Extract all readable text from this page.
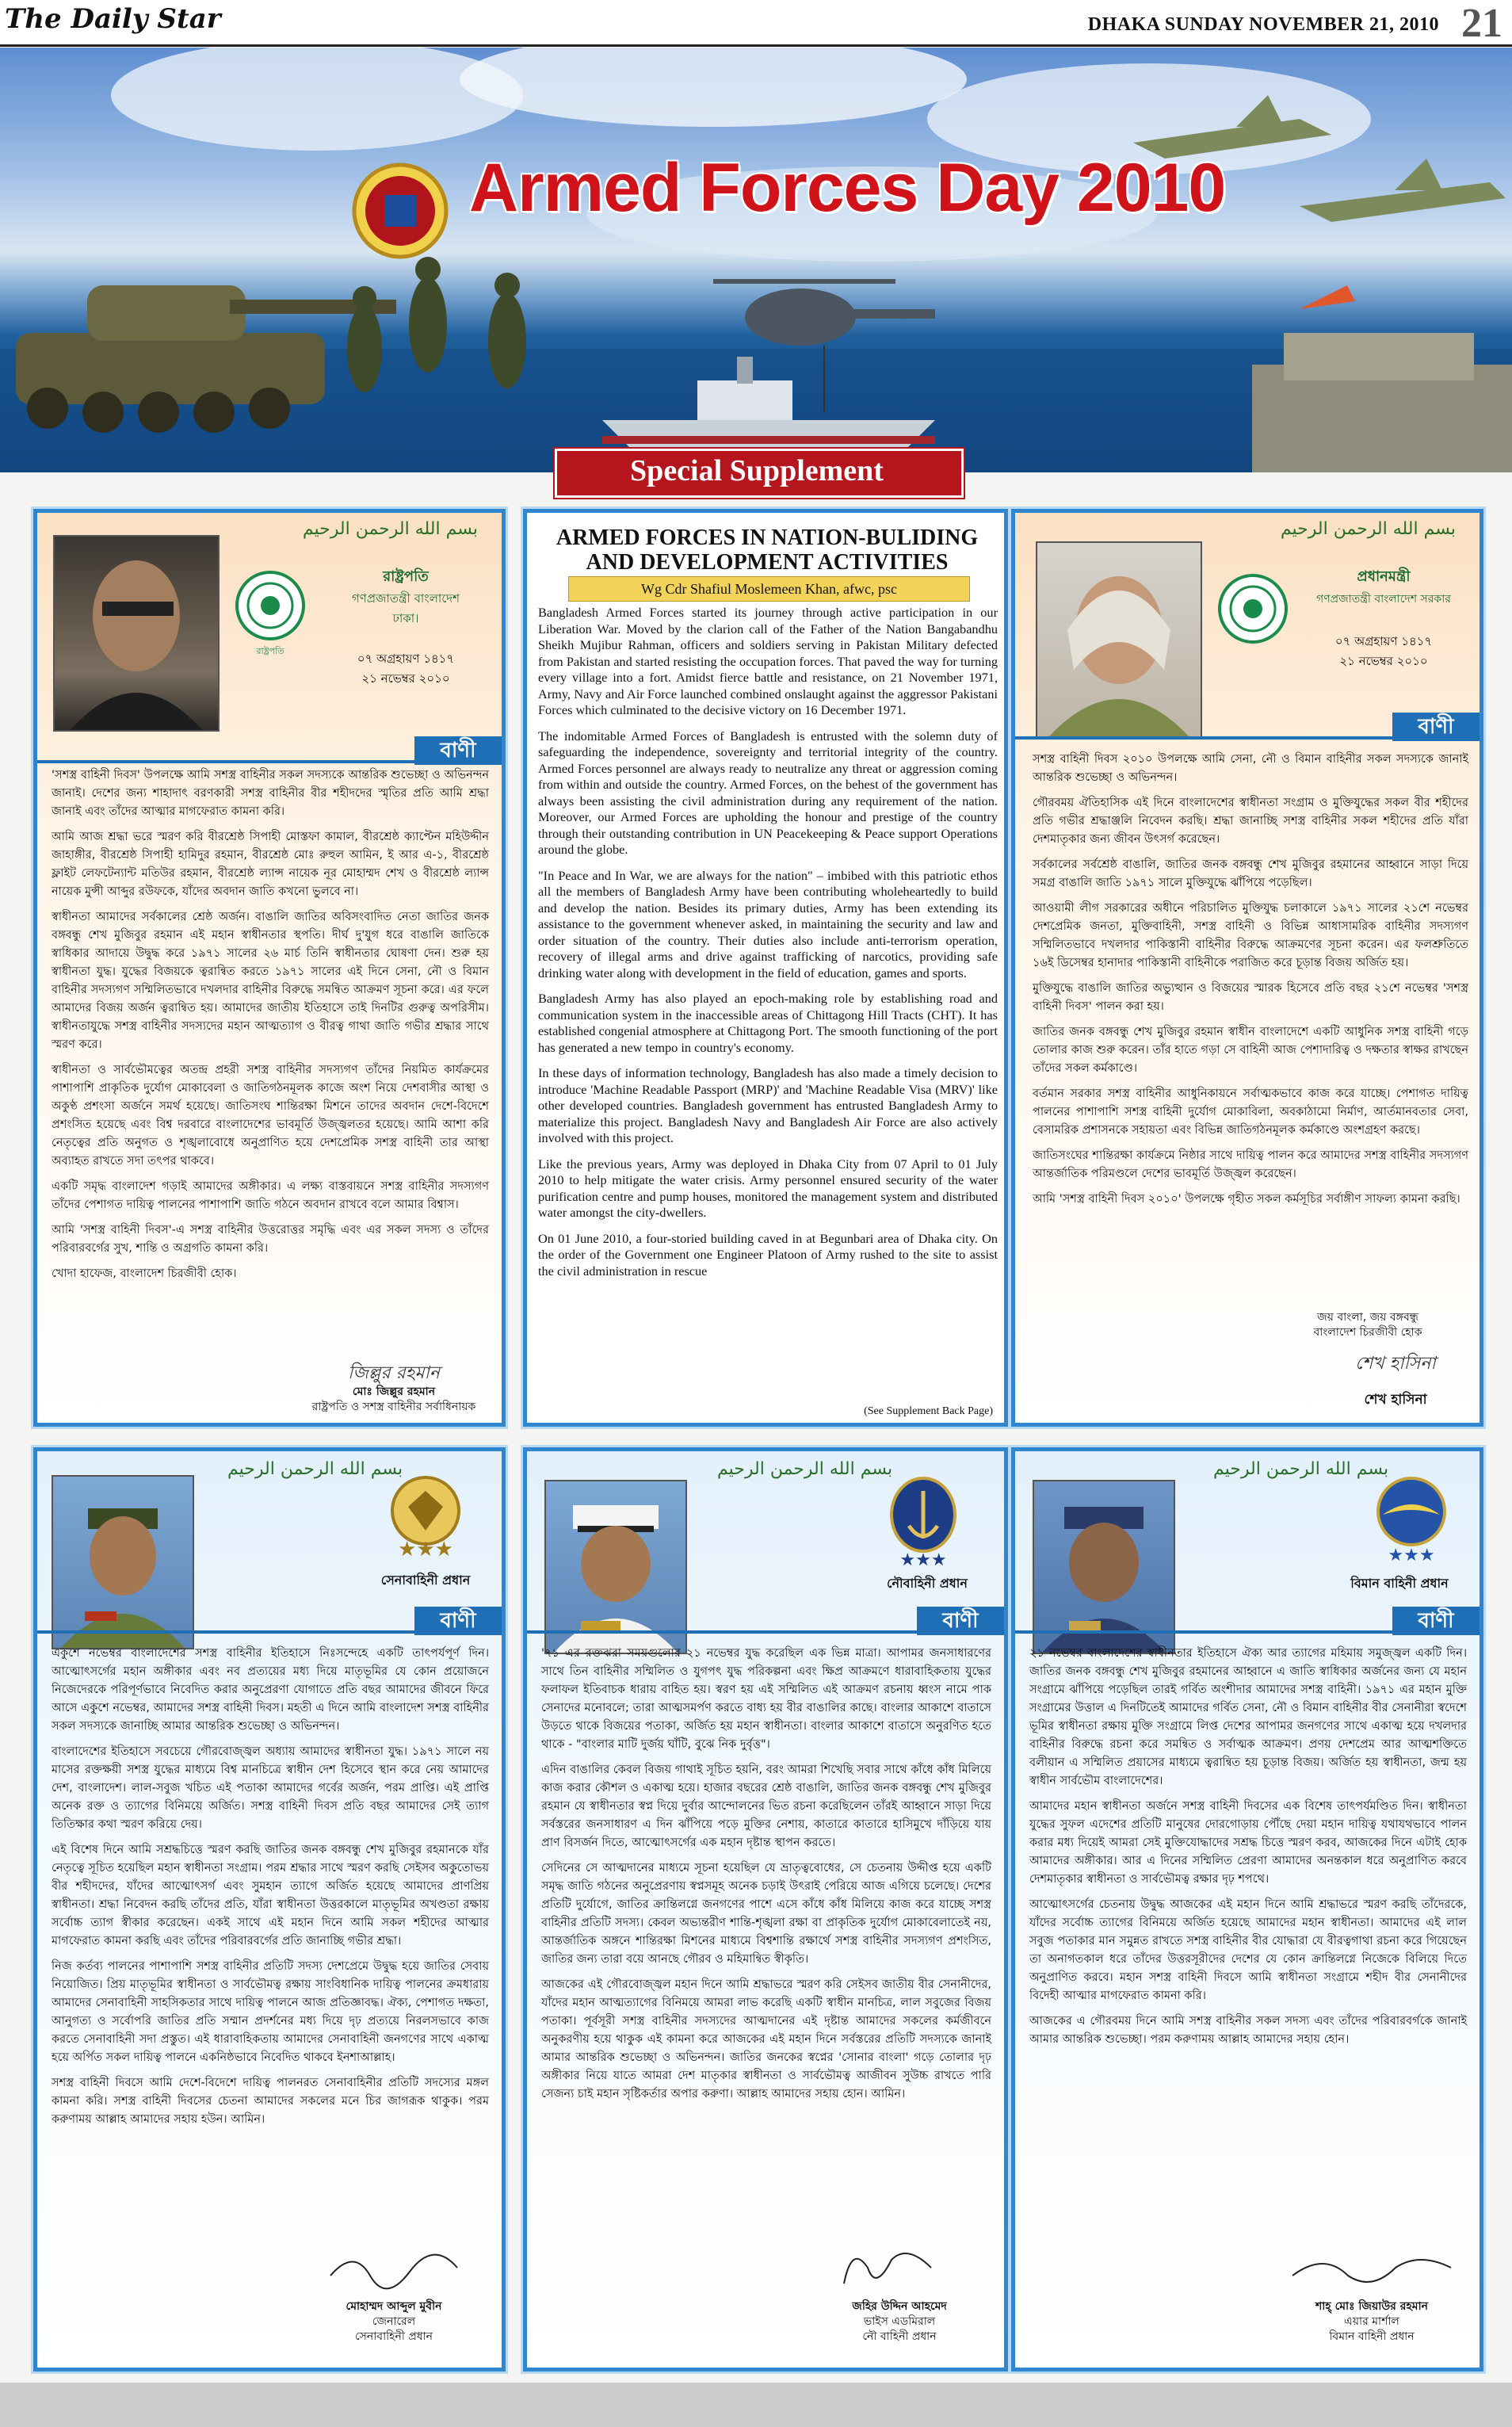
The Daily Star	DHAKA SUNDAY NOVEMBER 21, 2010 21
Armed Forces Day 2010
Special Supplement
بسم الله الرحمن الرحيم
রাষ্ট্রপতি
রাষ্ট্রপতি
গণপ্রজাতন্ত্রী বাংলাদেশ
ঢাকা।
০৭ অগ্রহায়ণ ১৪১৭
২১ নভেম্বর ২০১০
বাণী

'সশস্ত্র বাহিনী দিবস' উপলক্ষে আমি সশস্ত্র বাহিনীর সকল সদস্যকে আন্তরিক শুভেচ্ছা ও অভিনন্দন জানাই। দেশের জন্য শাহাদাৎ বরণকারী সশস্ত্র বাহিনীর বীর শহীদদের স্মৃতির প্রতি আমি শ্রদ্ধা জানাই এবং তাঁদের আত্মার মাগফেরাত কামনা করি।

আমি আজ শ্রদ্ধা ভরে স্মরণ করি বীরশ্রেষ্ঠ সিপাহী মোস্তফা কামাল, বীরশ্রেষ্ঠ ক্যাপ্টেন মহিউদ্দীন জাহাঙ্গীর, বীরশ্রেষ্ঠ সিপাহী হামিদুর রহমান, বীরশ্রেষ্ঠ মোঃ রুহুল আমিন, ই আর এ-১, বীরশ্রেষ্ঠ ফ্লাইট লেফটেন্যান্ট মতিউর রহমান, বীরশ্রেষ্ঠ ল্যান্স নায়েক নূর মোহাম্মদ শেখ ও বীরশ্রেষ্ঠ ল্যান্স নায়েক মুন্সী আব্দুর রউফকে, যাঁদের অবদান জাতি কখনো ভুলবে না।

স্বাধীনতা আমাদের সর্বকালের শ্রেষ্ঠ অর্জন। বাঙালি জাতির অবিসংবাদিত নেতা জাতির জনক বঙ্গবন্ধু শেখ মুজিবুর রহমান এই মহান স্বাধীনতার স্থপতি। দীর্ঘ দু'যুগ ধরে বাঙালি জাতিকে স্বাধিকার আদায়ে উদ্বুদ্ধ করে ১৯৭১ সালের ২৬ মার্চ তিনি স্বাধীনতার ঘোষণা দেন। শুরু হয় স্বাধীনতা যুদ্ধ। যুদ্ধের বিজয়কে ত্বরান্বিত করতে ১৯৭১ সালের এই দিনে সেনা, নৌ ও বিমান বাহিনীর সদস্যগণ সম্মিলিতভাবে দখলদার বাহিনীর বিরুদ্ধে সমন্বিত আক্রমণ সূচনা করে। এর ফলে আমাদের বিজয় অর্জন ত্বরান্বিত হয়। আমাদের জাতীয় ইতিহাসে তাই দিনটির গুরুত্ব অপরিসীম। স্বাধীনতাযুদ্ধে সশস্ত্র বাহিনীর সদস্যদের মহান আত্মত্যাগ ও বীরত্ব গাথা জাতি গভীর শ্রদ্ধার সাথে স্মরণ করে।

স্বাধীনতা ও সার্বভৌমত্বের অতন্দ্র প্রহরী সশস্ত্র বাহিনীর সদস্যগণ তাঁদের নিয়মিত কার্যক্রমের পাশাপাশি প্রাকৃতিক দুর্যোগ মোকাবেলা ও জাতিগঠনমূলক কাজে অংশ নিয়ে দেশবাসীর আস্থা ও অকুণ্ঠ প্রশংসা অর্জনে সমর্থ হয়েছে। জাতিসংঘ শান্তিরক্ষা মিশনে তাদের অবদান দেশে-বিদেশে প্রশংসিত হয়েছে এবং বিশ্ব দরবারে বাংলাদেশের ভাবমূর্তি উজ্জ্বলতর হয়েছে। আমি আশা করি নেতৃত্বের প্রতি অনুগত ও শৃঙ্খলাবোধে অনুপ্রাণিত হয়ে দেশপ্রেমিক সশস্ত্র বাহিনী তার আস্থা অব্যাহত রাখতে সদা তৎপর থাকবে।

একটি সমৃদ্ধ বাংলাদেশ গড়াই আমাদের অঙ্গীকার। এ লক্ষ্য বাস্তবায়নে সশস্ত্র বাহিনীর সদস্যগণ তাঁদের পেশাগত দায়িত্ব পালনের পাশাপাশি জাতি গঠনে অবদান রাখবে বলে আমার বিশ্বাস।

আমি 'সশস্ত্র বাহিনী দিবস'-এ সশস্ত্র বাহিনীর উত্তরোত্তর সমৃদ্ধি এবং এর সকল সদস্য ও তাঁদের পরিবারবর্গের সুখ, শান্তি ও অগ্রগতি কামনা করি।

খোদা হাফেজ, বাংলাদেশ চিরজীবী হোক।

জিল্লুর রহমান
মোঃ জিল্লুর রহমান
রাষ্ট্রপতি ও সশস্ত্র বাহিনীর সর্বাধিনায়ক
ARMED FORCES IN NATION-BULIDING AND DEVELOPMENT ACTIVITIES
Wg Cdr Shafiul Moslemeen Khan, afwc, psc

Bangladesh Armed Forces started its journey through active participation in our Liberation War. Moved by the clarion call of the Father of the Nation Bangabandhu Sheikh Mujibur Rahman, officers and soldiers serving in Pakistan Military defected from Pakistan and started resisting the occupation forces. That paved the way for turning every village into a fort. Amidst fierce battle and resistance, on 21 November 1971, Army, Navy and Air Force launched combined onslaught against the aggressor Pakistani Forces which culminated to the decisive victory on 16 December 1971.

The indomitable Armed Forces of Bangladesh is entrusted with the solemn duty of safeguarding the independence, sovereignty and territorial integrity of the country. Armed Forces personnel are always ready to neutralize any threat or aggression coming from within and outside the country. Armed Forces, on the behest of the government has always been assisting the civil administration during any requirement of the nation. Moreover, our Armed Forces are upholding the honour and prestige of the country through their outstanding contribution in UN Peacekeeping & Peace support Operations around the globe.

"In Peace and In War, we are always for the nation" – imbibed with this patriotic ethos all the members of Bangladesh Army have been contributing wholeheartedly to build and develop the nation. Besides its primary duties, Army has been extending its assistance to the government whenever asked, in maintaining the security and law and order situation of the country. Their duties also include anti-terrorism operation, recovery of illegal arms and drive against trafficking of narcotics, providing safe drinking water along with development in the field of education, games and sports.

Bangladesh Army has also played an epoch-making role by establishing road and communication system in the inaccessible areas of Chittagong Hill Tracts (CHT). It has established congenial atmosphere at Chittagong Port. The smooth functioning of the port has generated a new tempo in country's economy.

In these days of information technology, Bangladesh has also made a timely decision to introduce 'Machine Readable Passport (MRP)' and 'Machine Readable Visa (MRV)' like other developed countries. Bangladesh government has entrusted Bangladesh Army to materialize this project. Bangladesh Navy and Bangladesh Air Force are also actively involved with this project.

Like the previous years, Army was deployed in Dhaka City from 07 April to 01 July 2010 to help mitigate the water crisis. Army personnel ensured security of the water purification centre and pump houses, monitored the management system and distributed water amongst the city-dwellers.

On 01 June 2010, a four-storied building caved in at Begunbari area of Dhaka city. On the order of the Government one Engineer Platoon of Army rushed to the site to assist the civil administration in rescue

(See Supplement Back Page)
بسم الله الرحمن الرحيم
প্রধানমন্ত্রী
গণপ্রজাতন্ত্রী বাংলাদেশ সরকার
০৭ অগ্রহায়ণ ১৪১৭
২১ নভেম্বর ২০১০
বাণী

সশস্ত্র বাহিনী দিবস ২০১০ উপলক্ষে আমি সেনা, নৌ ও বিমান বাহিনীর সকল সদস্যকে জানাই আন্তরিক শুভেচ্ছা ও অভিনন্দন।

গৌরবময় ঐতিহাসিক এই দিনে বাংলাদেশের স্বাধীনতা সংগ্রাম ও মুক্তিযুদ্ধের সকল বীর শহীদের প্রতি গভীর শ্রদ্ধাঞ্জলি নিবেদন করছি। শ্রদ্ধা জানাচ্ছি সশস্ত্র বাহিনীর সকল শহীদের প্রতি যাঁরা দেশমাতৃকার জন্য জীবন উৎসর্গ করেছেন।

সর্বকালের সর্বশ্রেষ্ঠ বাঙালি, জাতির জনক বঙ্গবন্ধু শেখ মুজিবুর রহমানের আহ্বানে সাড়া দিয়ে সমগ্র বাঙালি জাতি ১৯৭১ সালে মুক্তিযুদ্ধে ঝাঁপিয়ে পড়েছিল।

আওয়ামী লীগ সরকারের অধীনে পরিচালিত মুক্তিযুদ্ধ চলাকালে ১৯৭১ সালের ২১শে নভেম্বর দেশপ্রেমিক জনতা, মুক্তিবাহিনী, সশস্ত্র বাহিনী ও বিভিন্ন আধাসামরিক বাহিনীর সদস্যগণ সম্মিলিতভাবে দখলদার পাকিস্তানী বাহিনীর বিরুদ্ধে আক্রমণের সূচনা করেন। এর ফলশ্রুতিতে ১৬ই ডিসেম্বর হানাদার পাকিস্তানী বাহিনীকে পরাজিত করে চূড়ান্ত বিজয় অর্জিত হয়।

মুক্তিযুদ্ধে বাঙালি জাতির অভ্যুত্থান ও বিজয়ের স্মারক হিসেবে প্রতি বছর ২১শে নভেম্বর 'সশস্ত্র বাহিনী দিবস' পালন করা হয়।

জাতির জনক বঙ্গবন্ধু শেখ মুজিবুর রহমান স্বাধীন বাংলাদেশে একটি আধুনিক সশস্ত্র বাহিনী গড়ে তোলার কাজ শুরু করেন। তাঁর হাতে গড়া সে বাহিনী আজ পেশাদারিত্ব ও দক্ষতার স্বাক্ষর রাখছেন তাঁদের সকল কর্মকাণ্ডে।

বর্তমান সরকার সশস্ত্র বাহিনীর আধুনিকায়নে সর্বাত্মকভাবে কাজ করে যাচ্ছে। পেশাগত দায়িত্ব পালনের পাশাপাশি সশস্ত্র বাহিনী দুর্যোগ মোকাবিলা, অবকাঠামো নির্মাণ, আর্তমানবতার সেবা, বেসামরিক প্রশাসনকে সহায়তা এবং বিভিন্ন জাতিগঠনমূলক কর্মকাণ্ডে অংশগ্রহণ করছে।

জাতিসংঘের শান্তিরক্ষা কার্যক্রমে নিষ্ঠার সাথে দায়িত্ব পালন করে আমাদের সশস্ত্র বাহিনীর সদস্যগণ আন্তর্জাতিক পরিমণ্ডলে দেশের ভাবমূর্তি উজ্জ্বল করেছেন।

আমি 'সশস্ত্র বাহিনী দিবস ২০১০' উপলক্ষে গৃহীত সকল কর্মসূচির সর্বাঙ্গীণ সাফল্য কামনা করছি।

জয় বাংলা, জয় বঙ্গবন্ধু
বাংলাদেশ চিরজীবী হোক
শেখ হাসিনা
শেখ হাসিনা
بسم الله الرحمن الرحيم
★★★
সেনাবাহিনী প্রধান
বাণী

একুশে নভেম্বর বাংলাদেশের সশস্ত্র বাহিনীর ইতিহাসে নিঃসন্দেহে একটি তাৎপর্যপূর্ণ দিন। আত্মোৎসর্গের মহান অঙ্গীকার এবং নব প্রত্যয়ের মধ্য দিয়ে মাতৃভূমির যে কোন প্রয়োজনে নিজেদেরকে পরিপূর্ণভাবে নিবেদিত করার অনুপ্রেরণা যোগাতে প্রতি বছর আমাদের জীবনে ফিরে আসে একুশে নভেম্বর, আমাদের সশস্ত্র বাহিনী দিবস। মহতী এ দিনে আমি বাংলাদেশ সশস্ত্র বাহিনীর সকল সদস্যকে জানাচ্ছি আমার আন্তরিক শুভেচ্ছা ও অভিনন্দন।

বাংলাদেশের ইতিহাসে সবচেয়ে গৌরবোজ্জ্বল অধ্যায় আমাদের স্বাধীনতা যুদ্ধ। ১৯৭১ সালে নয় মাসের রক্তক্ষয়ী সশস্ত্র যুদ্ধের মাধ্যমে বিশ্ব মানচিত্রে স্বাধীন দেশ হিসেবে স্থান করে নেয় আমাদের দেশ, বাংলাদেশ। লাল-সবুজ খচিত এই পতাকা আমাদের গর্বের অর্জন, পরম প্রাপ্তি। এই প্রাপ্তি অনেক রক্ত ও ত্যাগের বিনিময়ে অর্জিত। সশস্ত্র বাহিনী দিবস প্রতি বছর আমাদের সেই ত্যাগ তিতিক্ষার কথা স্মরণ করিয়ে দেয়।

এই বিশেষ দিনে আমি সশ্রদ্ধচিত্তে স্মরণ করছি জাতির জনক বঙ্গবন্ধু শেখ মুজিবুর রহমানকে যাঁর নেতৃত্বে সূচিত হয়েছিল মহান স্বাধীনতা সংগ্রাম। পরম শ্রদ্ধার সাথে স্মরণ করছি সেইসব অকুতোভয় বীর শহীদদের, যাঁদের আত্মোৎসর্গ এবং সুমহান ত্যাগে অর্জিত হয়েছে আমাদের প্রাণপ্রিয় স্বাধীনতা। শ্রদ্ধা নিবেদন করছি তাঁদের প্রতি, যাঁরা স্বাধীনতা উত্তরকালে মাতৃভূমির অখণ্ডতা রক্ষায় সর্বোচ্চ ত্যাগ স্বীকার করেছেন। একই সাথে এই মহান দিনে আমি সকল শহীদের আত্মার মাগফেরাত কামনা করছি এবং তাঁদের পরিবারবর্গের প্রতি জানাচ্ছি গভীর শ্রদ্ধা।

নিজ কর্তব্য পালনের পাশাপাশি সশস্ত্র বাহিনীর প্রতিটি সদস্য দেশপ্রেমে উদ্বুদ্ধ হয়ে জাতির সেবায় নিয়োজিত। প্রিয় মাতৃভূমির স্বাধীনতা ও সার্বভৌমত্ব রক্ষায় সাংবিধানিক দায়িত্ব পালনের ক্রমধারায় আমাদের সেনাবাহিনী সাহসিকতার সাথে দায়িত্ব পালনে আজ প্রতিজ্ঞাবদ্ধ। ঐক্য, পেশাগত দক্ষতা, আনুগত্য ও সর্বোপরি জাতির প্রতি সম্মান প্রদর্শনের মধ্য দিয়ে দৃঢ় প্রত্যয়ে নিরলসভাবে কাজ করতে সেনাবাহিনী সদা প্রস্তুত। এই ধারাবাহিকতায় আমাদের সেনাবাহিনী জনগণের সাথে একাত্ম হয়ে অর্পিত সকল দায়িত্ব পালনে একনিষ্ঠভাবে নিবেদিত থাকবে ইনশাআল্লাহ।

সশস্ত্র বাহিনী দিবসে আমি দেশে-বিদেশে দায়িত্ব পালনরত সেনাবাহিনীর প্রতিটি সদস্যের মঙ্গল কামনা করি। সশস্ত্র বাহিনী দিবসের চেতনা আমাদের সকলের মনে চির জাগরূক থাকুক। পরম করুণাময় আল্লাহ আমাদের সহায় হউন। আমিন।

মোহাম্মদ আব্দুল মুবীন
জেনারেল
সেনাবাহিনী প্রধান
بسم الله الرحمن الرحيم
★★★
নৌবাহিনী প্রধান
বাণী

'৭১ এর রক্তঝরা সময়গুলোর ২১ নভেম্বর যুদ্ধ করেছিল এক ভিন্ন মাত্রা। আপামর জনসাধারণের সাথে তিন বাহিনীর সম্মিলিত ও যুগপৎ যুদ্ধ পরিকল্পনা এবং ক্ষিপ্র আক্রমণে ধারাবাহিকতায় যুদ্ধের ফলাফল ইতিবাচক ধারায় বাহিত হয়। স্বরণ হয় এই সম্মিলিত এই আক্রমণ রচনায় ধ্বংস নামে পাক সেনাদের মনোবলে; তারা আত্মসমর্পণ করতে বাধ্য হয় বীর বাঙালির কাছে। বাংলার আকাশে বাতাসে উড়তে থাকে বিজয়ের পতাকা, অর্জিত হয় মহান স্বাধীনতা। বাংলার আকাশে বাতাসে অনুরণিত হতে থাকে - "বাংলার মাটি দুর্জয় ঘাঁটি, বুঝে নিক দুর্বৃত্ত"।

এদিন বাঙালির কেবল বিজয় গাথাই সূচিত হয়নি, বরং আমরা শিখেছি সবার সাথে কাঁধে কাঁধ মিলিয়ে কাজ করার কৌশল ও একাত্ম হয়ে। হাজার বছরের শ্রেষ্ঠ বাঙালি, জাতির জনক বঙ্গবন্ধু শেখ মুজিবুর রহমান যে স্বাধীনতার স্বপ্ন দিয়ে দুর্বার আন্দোলনের ভিত রচনা করেছিলেন তাঁরই আহ্বানে সাড়া দিয়ে সর্বস্তরের জনসাধারণ এ দিন ঝাঁপিয়ে পড়ে মুক্তির নেশায়, কাতারে কাতারে হাসিমুখে দাঁড়িয়ে যায় প্রাণ বিসর্জন দিতে, আত্মোৎসর্গের এক মহান দৃষ্টান্ত স্থাপন করতে।

সেদিনের সে আত্মদানের মাধ্যমে সূচনা হয়েছিল যে ভ্রাতৃত্ববোধের, সে চেতনায় উদ্দীপ্ত হয়ে একটি সমৃদ্ধ জাতি গঠনের অনুপ্রেরণায় স্বপ্নসমূহ অনেক চড়াই উৎরাই পেরিয়ে আজ এগিয়ে চলেছে। দেশের প্রতিটি দুর্যোগে, জাতির ক্রান্তিলগ্নে জনগণের পাশে এসে কাঁধে কাঁধ মিলিয়ে কাজ করে যাচ্ছে সশস্ত্র বাহিনীর প্রতিটি সদস্য। কেবল অভ্যন্তরীণ শান্তি-শৃঙ্খলা রক্ষা বা প্রাকৃতিক দুর্যোগ মোকাবেলাতেই নয়, আন্তর্জাতিক অঙ্গনে শান্তিরক্ষা মিশনের মাধ্যমে বিশ্বশান্তি রক্ষার্থে সশস্ত্র বাহিনীর সদস্যগণ প্রশংসিত, জাতির জন্য তারা বয়ে আনছে গৌরব ও মহিমান্বিত স্বীকৃতি।

আজকের এই গৌরবোজ্জ্বল মহান দিনে আমি শ্রদ্ধাভরে স্মরণ করি সেইসব জাতীয় বীর সেনানীদের, যাঁদের মহান আত্মত্যাগের বিনিময়ে আমরা লাভ করেছি একটি স্বাধীন মানচিত্র, লাল সবুজের বিজয় পতাকা। পূর্বসূরী সশস্ত্র বাহিনীর সদস্যদের আত্মদানের এই দৃষ্টান্ত আমাদের সকলের কর্মজীবনে অনুকরণীয় হয়ে থাকুক এই কামনা করে আজকের এই মহান দিনে সর্বস্তরের প্রতিটি সদস্যকে জানাই আমার আন্তরিক শুভেচ্ছা ও অভিনন্দন। জাতির জনকের স্বপ্নের 'সোনার বাংলা' গড়ে তোলার দৃঢ় অঙ্গীকার নিয়ে যাতে আমরা দেশ মাতৃকার স্বাধীনতা ও সার্বভৌমত্ব আজীবন সুউচ্চ রাখতে পারি সেজন্য চাই মহান সৃষ্টিকর্তার অপার করুণা। আল্লাহ আমাদের সহায় হোন। আমিন।

জহির উদ্দিন আহমেদ
ভাইস এডমিরাল
নৌ বাহিনী প্রধান
بسم الله الرحمن الرحيم
★★★
বিমান বাহিনী প্রধান
বাণী

২১ নভেম্বর বাংলাদেশের স্বাধীনতার ইতিহাসে ঐক্য আর ত্যাগের মহিমায় সমুজ্জ্বল একটি দিন। জাতির জনক বঙ্গবন্ধু শেখ মুজিবুর রহমানের আহ্বানে এ জাতি স্বাধিকার অর্জনের জন্য যে মহান সংগ্রামে ঝাঁপিয়ে পড়েছিল তারই গর্বিত অংশীদার আমাদের সশস্ত্র বাহিনী। ১৯৭১ এর মহান মুক্তি সংগ্রামের উত্তাল এ দিনটিতেই আমাদের গর্বিত সেনা, নৌ ও বিমান বাহিনীর বীর সেনানীরা স্বদেশে ভূমির স্বাধীনতা রক্ষায় মুক্তি সংগ্রামে লিপ্ত দেশের আপামর জনগণের সাথে একাত্ম হয়ে দখলদার বাহিনীর বিরুদ্ধে রচনা করে সমন্বিত ও সর্বাত্মক আক্রমণ। প্রণয় দেশপ্রেম আর আত্মশক্তিতে বলীয়ান এ সম্মিলিত প্রয়াসের মাধ্যমে ত্বরান্বিত হয় চূড়ান্ত বিজয়। অর্জিত হয় স্বাধীনতা, জন্ম হয় স্বাধীন সার্বভৌম বাংলাদেশের।

আমাদের মহান স্বাধীনতা অর্জনে সশস্ত্র বাহিনী দিবসের এক বিশেষ তাৎপর্যমণ্ডিত দিন। স্বাধীনতা যুদ্ধের সুফল এদেশের প্রতিটি মানুষের দোরগোড়ায় পৌঁছে দেয়া মহান দায়িত্ব যথাযথভাবে পালন করার মধ্য দিয়েই আমরা সেই মুক্তিযোদ্ধাদের সশ্রদ্ধ চিত্তে স্মরণ করব, আজকের দিনে এটাই হোক আমাদের অঙ্গীকার। আর এ দিনের সম্মিলিত প্রেরণা আমাদের অনন্তকাল ধরে অনুপ্রাণিত করবে দেশমাতৃকার স্বাধীনতা ও সার্বভৌমত্ব রক্ষার দৃঢ় শপথে।

আত্মোৎসর্গের চেতনায় উদ্বুদ্ধ আজকের এই মহান দিনে আমি শ্রদ্ধাভরে স্মরণ করছি তাঁদেরকে, যাঁদের সর্বোচ্চ ত্যাগের বিনিময়ে অর্জিত হয়েছে আমাদের মহান স্বাধীনতা। আমাদের এই লাল সবুজ পতাকার মান সমুন্নত রাখতে সশস্ত্র বাহিনীর বীর যোদ্ধারা যে বীরত্বগাথা রচনা করে গিয়েছেন তা অনাগতকাল ধরে তাঁদের উত্তরসূরীদের দেশের যে কোন ক্রান্তিলগ্নে নিজেকে বিলিয়ে দিতে অনুপ্রাণিত করবে। মহান সশস্ত্র বাহিনী দিবসে আমি স্বাধীনতা সংগ্রামে শহীদ বীর সেনানীদের বিদেহী আত্মার মাগফেরাত কামনা করি।

আজকের এ গৌরবময় দিনে আমি সশস্ত্র বাহিনীর সকল সদস্য এবং তাঁদের পরিবারবর্গকে জানাই আমার আন্তরিক শুভেচ্ছা। পরম করুণাময় আল্লাহ আমাদের সহায় হোন।

শাহ্‌ মোঃ জিয়াউর রহমান
এয়ার মার্শাল
বিমান বাহিনী প্রধান
